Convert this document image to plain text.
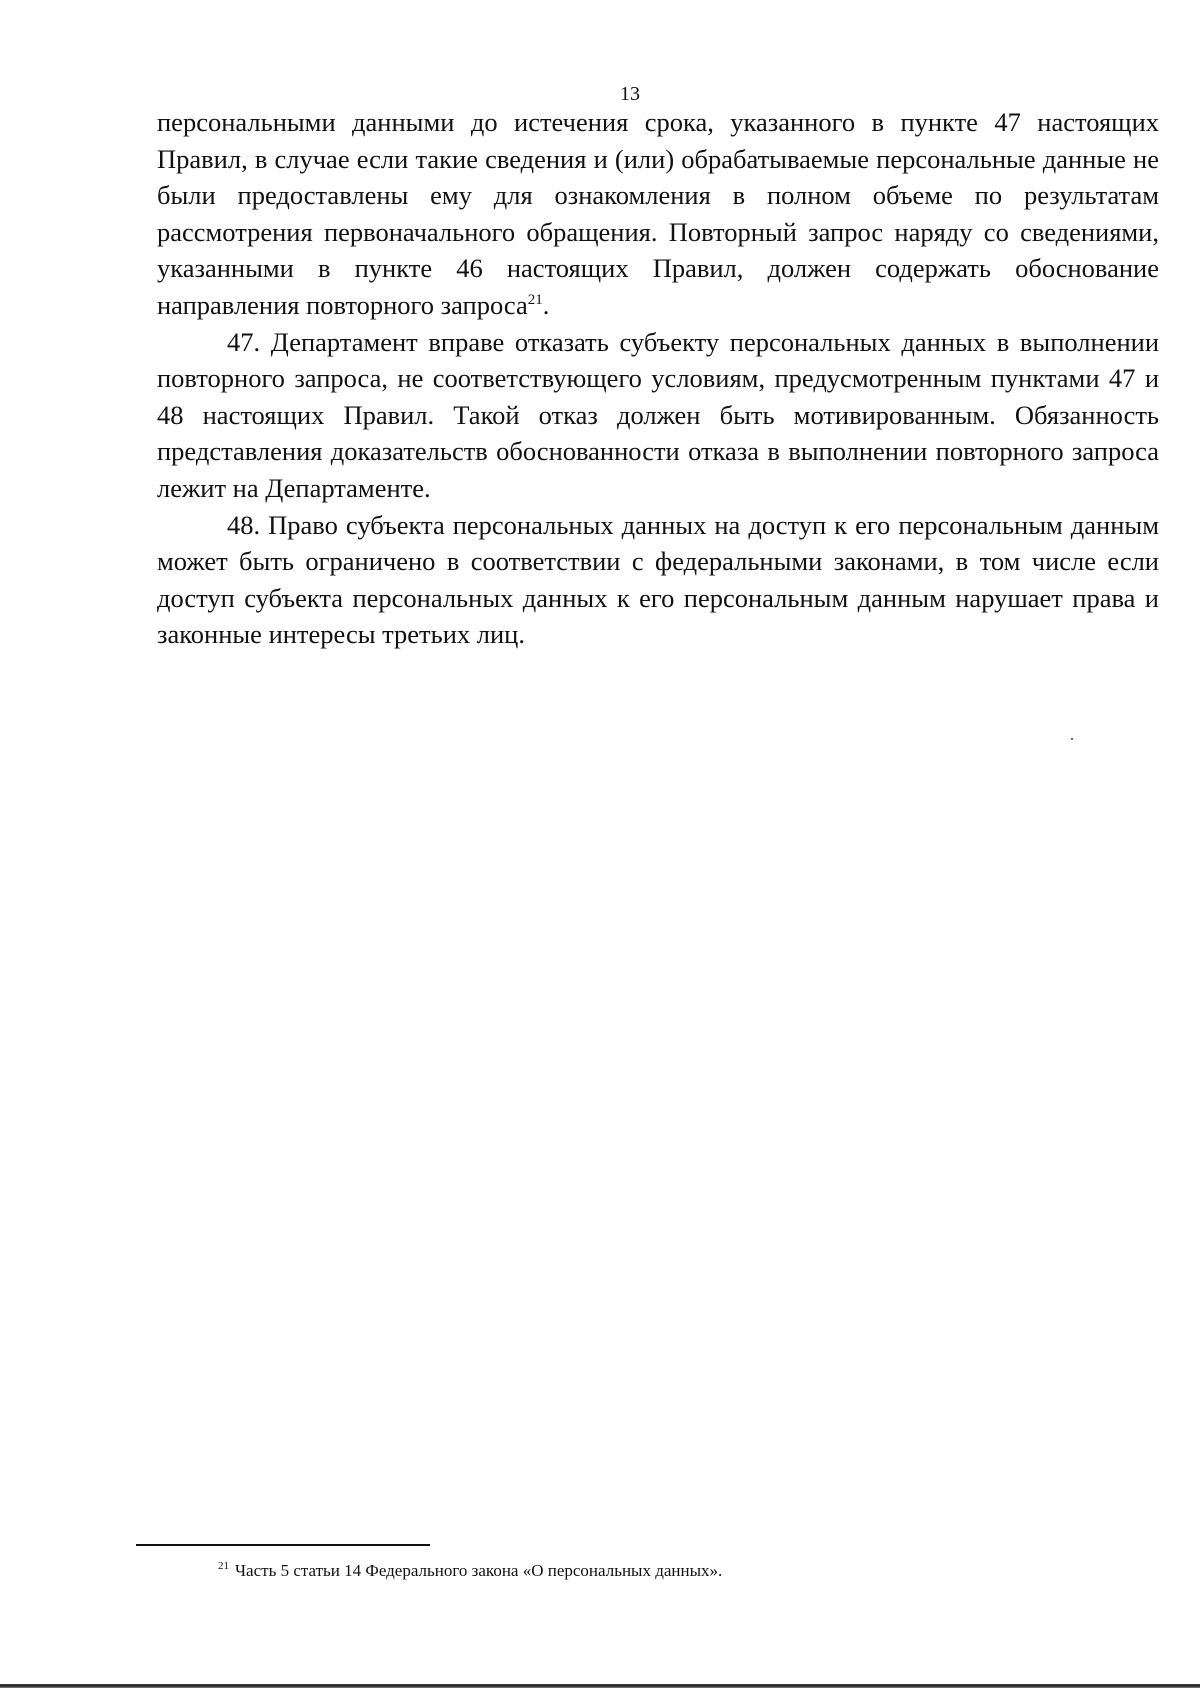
13

персональными данными до истечения срока, указанного в пункте 47 настоящих Правил, в случае если такие сведения и (или) обрабатываемые персональные данные не были предоставлены ему для ознакомления в полном объеме по результатам рассмотрения первоначального обращения. Повторный запрос наряду со сведениями, указанными в пункте 46 настоящих Правил, должен содержать обоснование направления повторного запроса$^{21}$.

47. Департамент вправе отказать субъекту персональных данных в выполнении повторного запроса, не соответствующего условиям, предусмотренным пунктами 47 и 48 настоящих Правил. Такой отказ должен быть мотивированным. Обязанность представления доказательств обоснованности отказа в выполнении повторного запроса лежит на Департаменте.

48. Право субъекта персональных данных на доступ к его персональным данным может быть ограничено в соответствии с федеральными законами, в том числе если доступ субъекта персональных данных к его персональным данным нарушает права и законные интересы третьих лиц.

$^{21}$ Часть 5 статьи 14 Федерального закона «О персональных данных».
